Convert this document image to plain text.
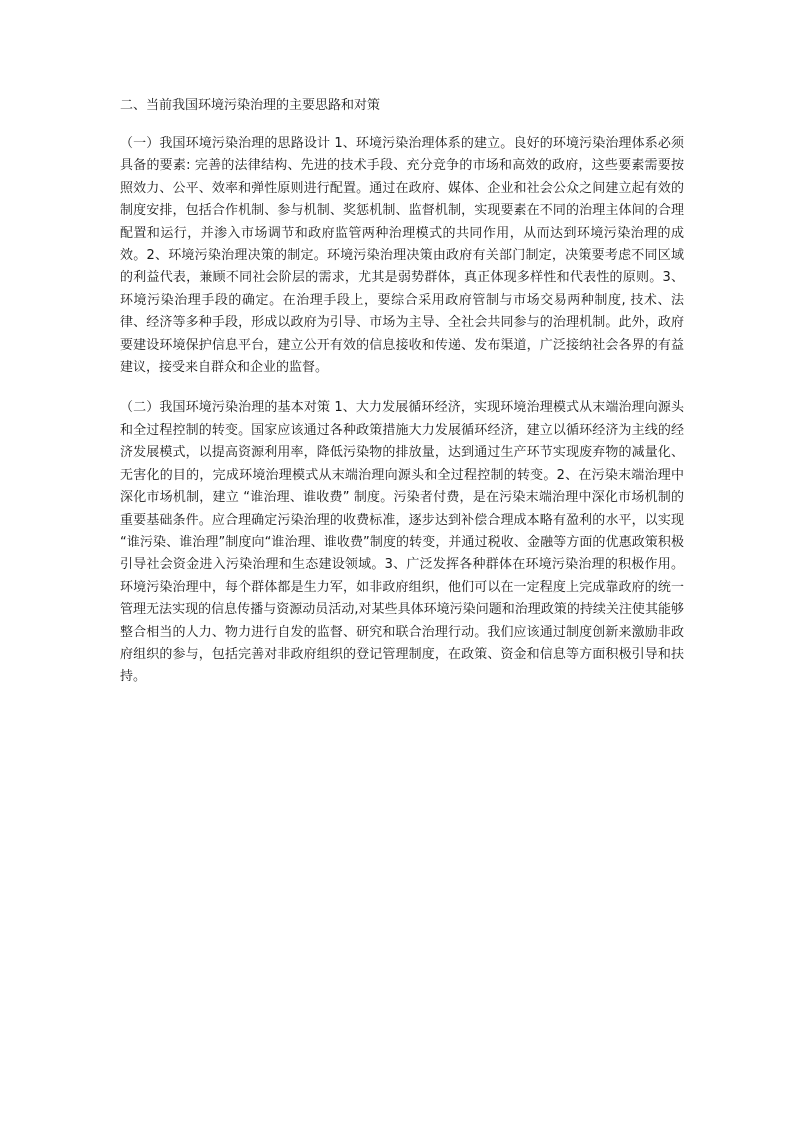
二、当前我国环境污染治理的主要思路和对策

（一）我国环境污染治理的思路设计 1、环境污染治理体系的建立。良好的环境污染治理体系必须具备的要素: 完善的法律结构、先进的技术手段、充分竞争的市场和高效的政府，这些要素需要按照效力、公平、效率和弹性原则进行配置。通过在政府、媒体、企业和社会公众之间建立起有效的制度安排，包括合作机制、参与机制、奖惩机制、监督机制，实现要素在不同的治理主体间的合理配置和运行，并渗入市场调节和政府监管两种治理模式的共同作用，从而达到环境污染治理的成效。2、环境污染治理决策的制定。环境污染治理决策由政府有关部门制定，决策要考虑不同区域的利益代表，兼顾不同社会阶层的需求，尤其是弱势群体，真正体现多样性和代表性的原则。3、环境污染治理手段的确定。在治理手段上，要综合采用政府管制与市场交易两种制度, 技术、法律、经济等多种手段，形成以政府为引导、市场为主导、全社会共同参与的治理机制。此外，政府要建设环境保护信息平台，建立公开有效的信息接收和传递、发布渠道，广泛接纳社会各界的有益建议，接受来自群众和企业的监督。

（二）我国环境污染治理的基本对策 1、大力发展循环经济，实现环境治理模式从末端治理向源头和全过程控制的转变。国家应该通过各种政策措施大力发展循环经济，建立以循环经济为主线的经济发展模式，以提高资源利用率，降低污染物的排放量，达到通过生产环节实现废弃物的减量化、无害化的目的，完成环境治理模式从末端治理向源头和全过程控制的转变。2、在污染末端治理中深化市场机制，建立 “谁治理、谁收费” 制度。污染者付费，是在污染末端治理中深化市场机制的重要基础条件。应合理确定污染治理的收费标准，逐步达到补偿合理成本略有盈利的水平，以实现 “谁污染、谁治理”制度向“谁治理、谁收费”制度的转变，并通过税收、金融等方面的优惠政策积极引导社会资金进入污染治理和生态建设领域。3、广泛发挥各种群体在环境污染治理的积极作用。环境污染治理中，每个群体都是生力军，如非政府组织，他们可以在一定程度上完成靠政府的统一管理无法实现的信息传播与资源动员活动,对某些具体环境污染问题和治理政策的持续关注使其能够整合相当的人力、物力进行自发的监督、研究和联合治理行动。我们应该通过制度创新来激励非政府组织的参与，包括完善对非政府组织的登记管理制度，在政策、资金和信息等方面积极引导和扶持。
